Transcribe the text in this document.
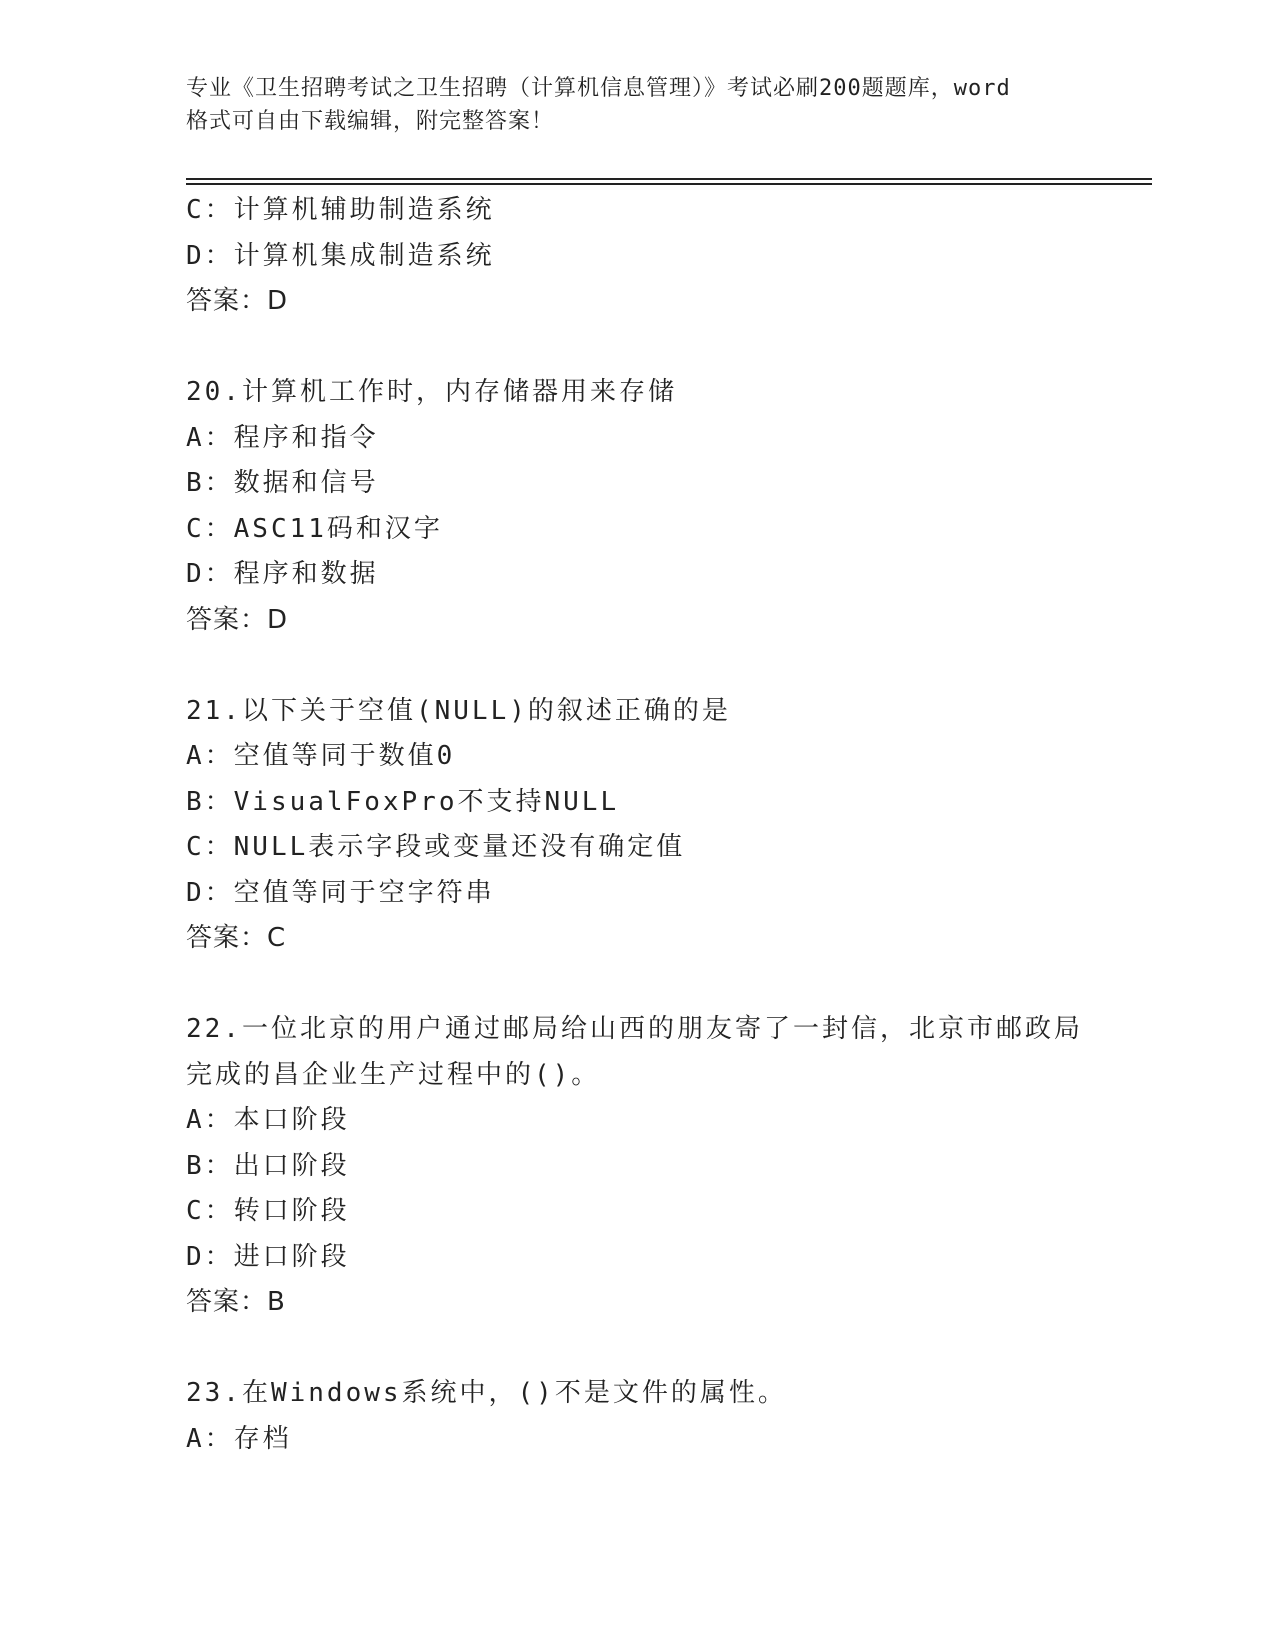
专业《卫生招聘考试之卫生招聘（计算机信息管理）》考试必刷200题题库，word
格式可自由下载编辑，附完整答案！
C：计算机辅助制造系统
D：计算机集成制造系统
答案：D
20.计算机工作时，内存储器用来存储
A：程序和指令
B：数据和信号
C：ASC11码和汉字
D：程序和数据
答案：D
21.以下关于空值(NULL)的叙述正确的是
A：空值等同于数值0
B：VisualFoxPro不支持NULL
C：NULL表示字段或变量还没有确定值
D：空值等同于空字符串
答案：C
22.一位北京的用户通过邮局给山西的朋友寄了一封信，北京市邮政局
完成的昌企业生产过程中的()。
A：本口阶段
B：出口阶段
C：转口阶段
D：进口阶段
答案：B
23.在Windows系统中，()不是文件的属性。
A：存档
